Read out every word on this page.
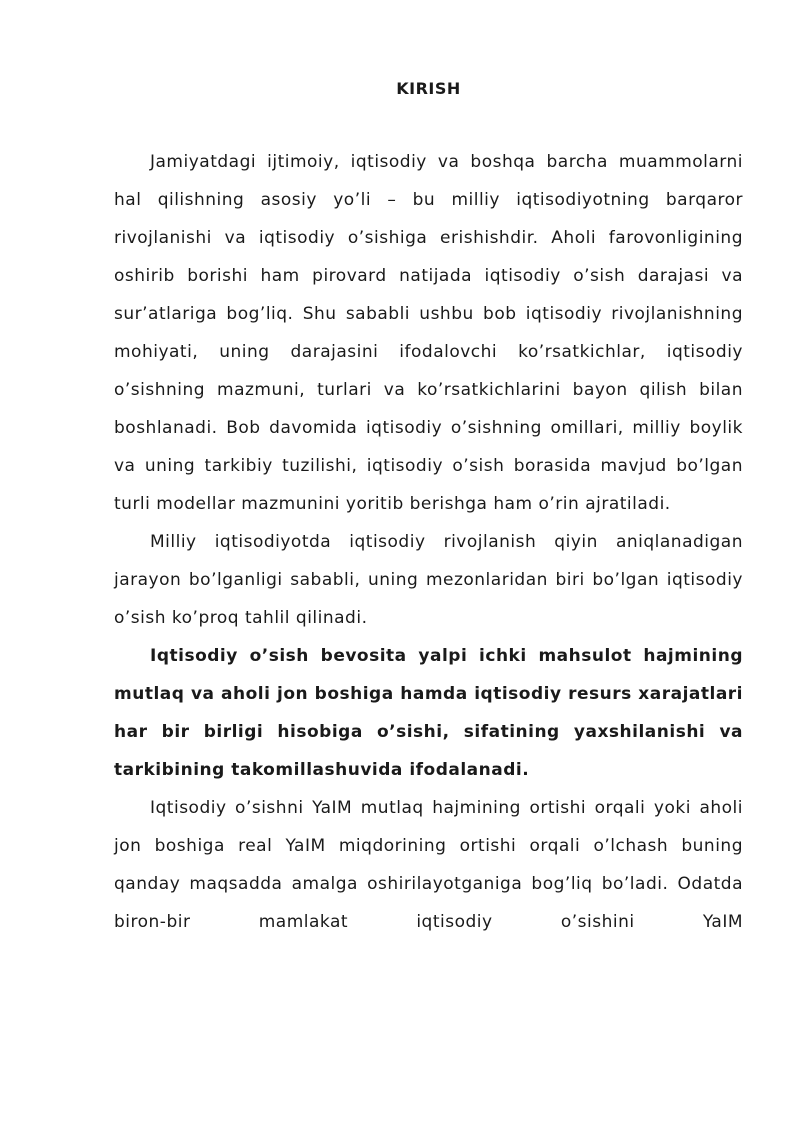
KIRISH

Jamiyatdagi ijtimoiy, iqtisodiy va boshqa barcha muammolarni hal qilishning asosiy yo’li – bu milliy iqtisodiyotning barqaror rivojlanishi va iqtisodiy o’sishiga erishishdir. Aholi farovonligining oshirib borishi ham pirovard natijada iqtisodiy o’sish darajasi va sur’atlariga bog’liq. Shu sababli ushbu bob iqtisodiy rivojlanishning mohiyati, uning darajasini ifodalovchi ko’rsatkichlar, iqtisodiy o’sishning mazmuni, turlari va ko’rsatkichlarini bayon qilish bilan boshlanadi. Bob davomida iqtisodiy o’sishning omillari, milliy boylik va uning tarkibiy tuzilishi, iqtisodiy o’sish borasida mavjud bo’lgan turli modellar mazmunini yoritib berishga ham o’rin ajratiladi.

Milliy iqtisodiyotda iqtisodiy rivojlanish qiyin aniqlanadigan jarayon bo’lganligi sababli, uning mezonlaridan biri bo’lgan iqtisodiy o’sish ko’proq tahlil qilinadi.

Iqtisodiy o’sish bevosita yalpi ichki mahsulot hajmining mutlaq va aholi jon boshiga hamda iqtisodiy resurs xarajatlari har bir birligi hisobiga o’sishi, sifatining yaxshilanishi va tarkibining takomillashuvida ifodalanadi.

Iqtisodiy o’sishni YaIM mutlaq hajmining ortishi orqali yoki aholi jon boshiga real YaIM miqdorining ortishi orqali o’lchash buning qanday maqsadda amalga oshirilayotganiga bog’liq bo’ladi. Odatda biron-bir mamlakat iqtisodiy o’sishini YaIM
